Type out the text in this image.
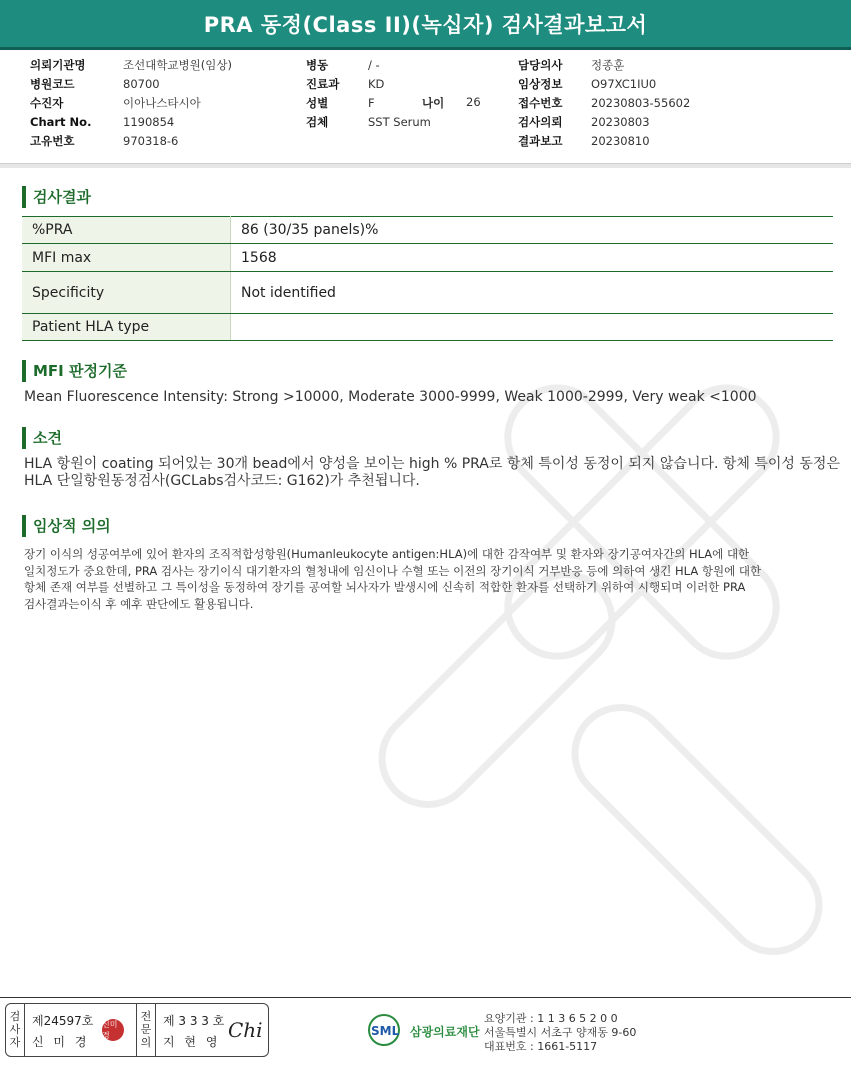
PRA 동정(Class II)(녹십자) 검사결과보고서
의뢰기관명	조선대학교병원(임상)
병원코드	80700
수진자	이아나스타시아
Chart No.	1190854
고유번호	970318-6
병동	/ -
진료과	KD
성별	F
검체	SST Serum
나이 26
담당의사	정종훈
임상정보	O97XC1IU0
접수번호	20230803-55602
검사의뢰	20230803
결과보고	20230810
검사결과
%PRA	86 (30/35 panels)%
MFI max	1568
Specificity	Not identified
Patient HLA type	
MFI 판정기준
Mean Fluorescence Intensity: Strong >10000, Moderate 3000-9999, Weak 1000-2999, Very weak <1000
소견
HLA 항원이 coating 되어있는 30개 bead에서 양성을 보이는 high % PRA로 항체 특이성 동정이 되지 않습니다. 항체 특이성 동정은
HLA 단일항원동정검사(GCLabs검사코드: G162)가 추천됩니다.
임상적 의의
장기 이식의 성공여부에 있어 환자의 조직적합성항원(Humanleukocyte antigen:HLA)에 대한 감작여부 및 환자와 장기공여자간의 HLA에 대한
일치정도가 중요한데, PRA 검사는 장기이식 대기환자의 혈청내에 임신이나 수혈 또는 이전의 장기이식 거부반응 등에 의하여 생긴 HLA 항원에 대한
항체 존재 여부를 선별하고 그 특이성을 동정하여 장기를 공여할 뇌사자가 발생시에 신속히 적합한 환자를 선택하기 위하여 시행되며 이러한 PRA
검사결과는이식 후 예후 판단에도 활용됩니다.
검사자
제24597호
신 미 경
신미경
전문의
제 3 3 3 호
지 현 영 Chi	SML 삼광의료재단
요양기관 : 1 1 3 6 5 2 0 0
서울특별시 서초구 양재동 9-60
대표번호 : 1661-5117
